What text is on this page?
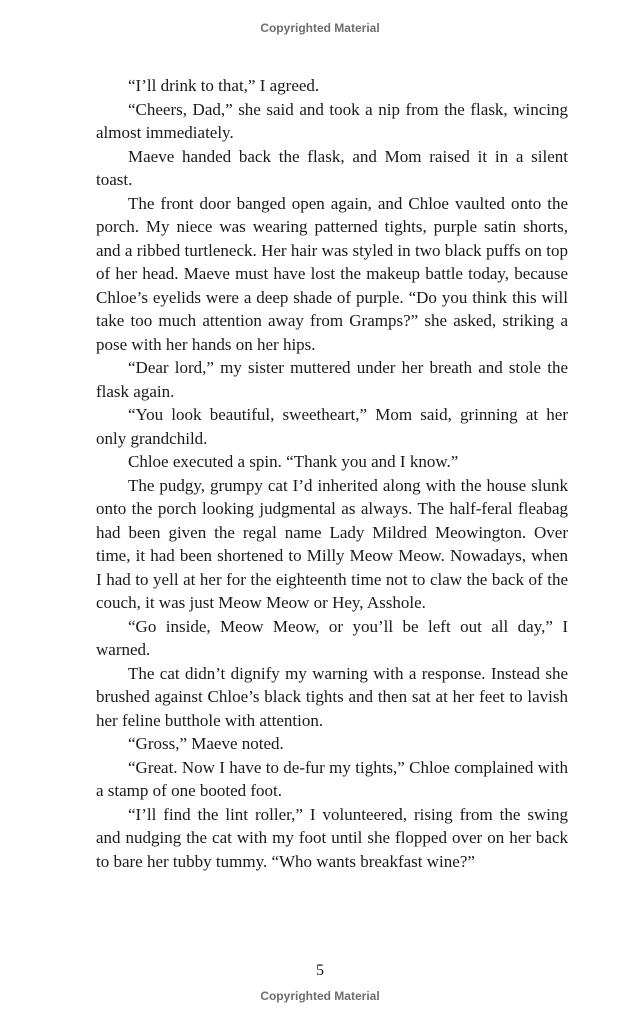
Copyrighted Material

“I’ll drink to that,” I agreed.

“Cheers, Dad,” she said and took a nip from the flask, wincing almost immediately.

Maeve handed back the flask, and Mom raised it in a silent toast.

The front door banged open again, and Chloe vaulted onto the porch. My niece was wearing patterned tights, purple satin shorts, and a ribbed turtleneck. Her hair was styled in two black puffs on top of her head. Maeve must have lost the makeup battle today, because Chloe’s eyelids were a deep shade of purple. “Do you think this will take too much attention away from Gramps?” she asked, striking a pose with her hands on her hips.

“Dear lord,” my sister muttered under her breath and stole the flask again.

“You look beautiful, sweetheart,” Mom said, grinning at her only grandchild.

Chloe executed a spin. “Thank you and I know.”

The pudgy, grumpy cat I’d inherited along with the house slunk onto the porch looking judgmental as always. The half-feral fleabag had been given the regal name Lady Mildred Meowington. Over time, it had been shortened to Milly Meow Meow. Nowadays, when I had to yell at her for the eighteenth time not to claw the back of the couch, it was just Meow Meow or Hey, Asshole.

“Go inside, Meow Meow, or you’ll be left out all day,” I warned.

The cat didn’t dignify my warning with a response. Instead she brushed against Chloe’s black tights and then sat at her feet to lavish her feline butthole with attention.

“Gross,” Maeve noted.

“Great. Now I have to de-fur my tights,” Chloe complained with a stamp of one booted foot.

“I’ll find the lint roller,” I volunteered, rising from the swing and nudging the cat with my foot until she flopped over on her back to bare her tubby tummy. “Who wants breakfast wine?”

5
Copyrighted Material
